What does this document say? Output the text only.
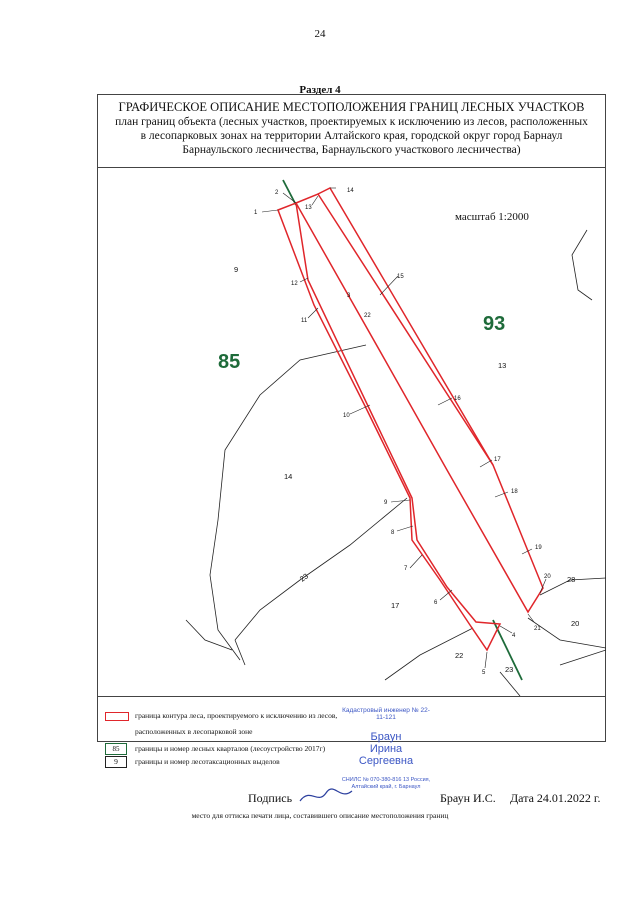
24
Раздел 4
ГРАФИЧЕСКОЕ ОПИСАНИЕ МЕСТОПОЛОЖЕНИЯ ГРАНИЦ ЛЕСНЫХ УЧАСТКОВ
план границ объекта (лесных участков, проектируемых к исключению из лесов, расположенных
в лесопарковых зонах на территории Алтайского края, городской округ город Барнаул
Барнаульского лесничества, Барнаульского участкового лесничества)
1
2
3
4
5
6
7
8
9
10
11
12
13
14
15
16
17
18
19
20
21
22
9
14
17
22
13
28
20
23
23
85
93
масштаб 1:2000
Кадастровый инженер № 22-11-121
Браун
Ирина
Сергеевна
СНИЛС № 070-380-816 13 Россия, Алтайский край, г. Барнаул
граница контура леса, проектируемого к исключению из лесов,
расположенных в лесопарковой зоне
85	границы и номер лесных кварталов (лесоустройство 2017г)
9	границы и номер лесотаксационных выделов
Подпись	Браун И.С. Дата 24.01.2022 г.
место для оттиска печати лица, составившего описание местоположения границ
